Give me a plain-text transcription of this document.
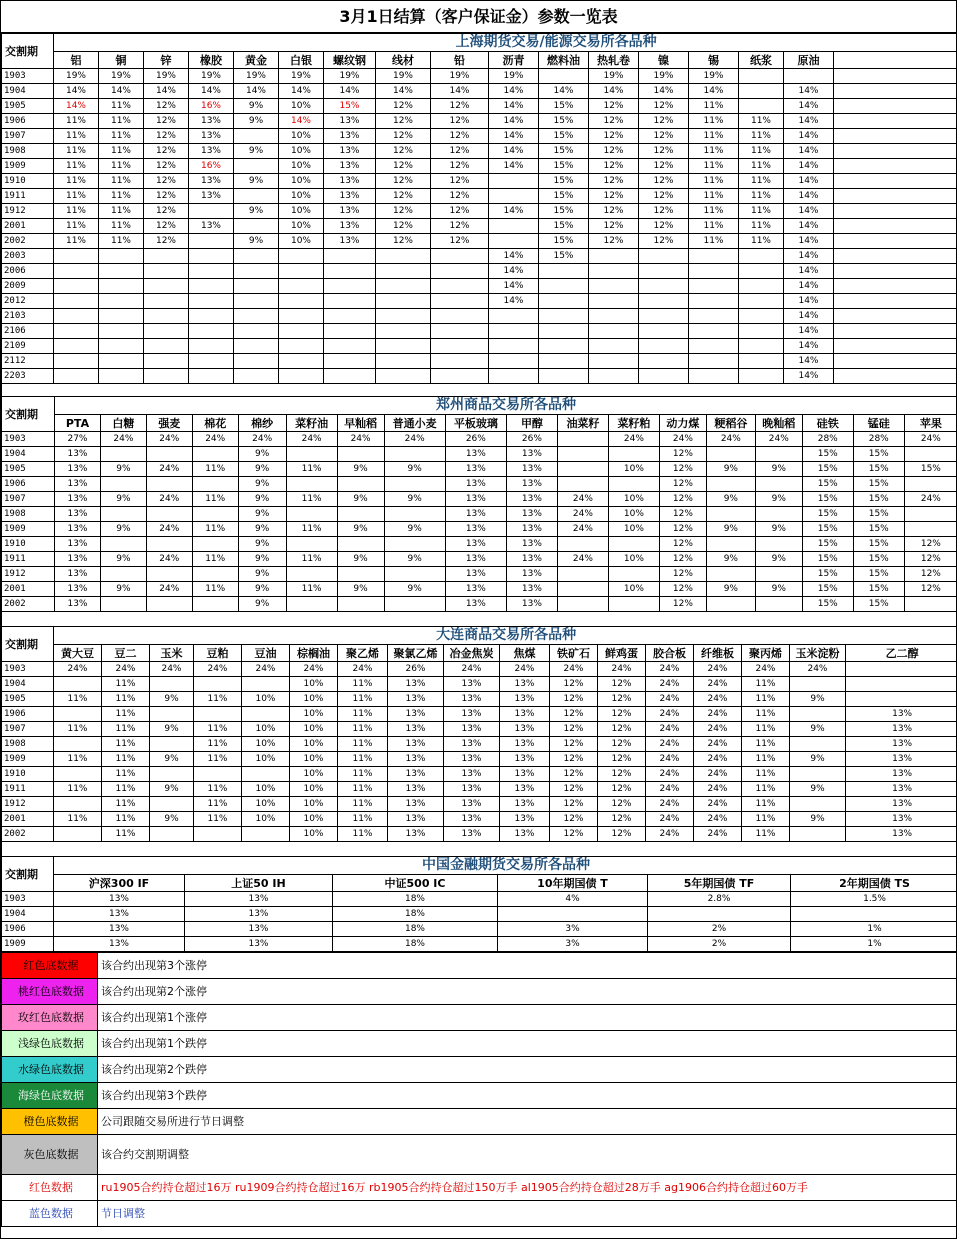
3月1日结算（客户保证金）参数一览表
交割期	上海期货交易/能源交易所各品种																
	铝	铜	锌	橡胶	黄金	白银	螺纹钢	线材	铅	沥青	燃料油	热轧卷	镍	锡	纸浆	原油	
1903	19%	19%	19%	19%	19%	19%	19%	19%	19%	19%		19%	19%	19%			
1904	14%	14%	14%	14%	14%	14%	14%	14%	14%	14%	14%	14%	14%	14%		14%	
1905	14%	11%	12%	16%	9%	10%	15%	12%	12%	14%	15%	12%	12%	11%		14%	
1906	11%	11%	12%	13%	9%	14%	13%	12%	12%	14%	15%	12%	12%	11%	11%	14%	
1907	11%	11%	12%	13%		10%	13%	12%	12%	14%	15%	12%	12%	11%	11%	14%	
1908	11%	11%	12%	13%	9%	10%	13%	12%	12%	14%	15%	12%	12%	11%	11%	14%	
1909	11%	11%	12%	16%		10%	13%	12%	12%	14%	15%	12%	12%	11%	11%	14%	
1910	11%	11%	12%	13%	9%	10%	13%	12%	12%		15%	12%	12%	11%	11%	14%	
1911	11%	11%	12%	13%		10%	13%	12%	12%		15%	12%	12%	11%	11%	14%	
1912	11%	11%	12%		9%	10%	13%	12%	12%	14%	15%	12%	12%	11%	11%	14%	
2001	11%	11%	12%	13%		10%	13%	12%	12%		15%	12%	12%	11%	11%	14%	
2002	11%	11%	12%		9%	10%	13%	12%	12%		15%	12%	12%	11%	11%	14%	
2003										14%	15%					14%	
2006										14%						14%	
2009										14%						14%	
2012										14%						14%	
2103																14%	
2106																14%	
2109																14%	
2112																14%	
2203																14%	
交割期	郑州商品交易所各品种																	
	PTA	白糖	强麦	棉花	棉纱	菜籽油	早籼稻	普通小麦	平板玻璃	甲醇	油菜籽	菜籽粕	动力煤	粳稻谷	晚籼稻	硅铁	锰硅	苹果
1903	27%	24%	24%	24%	24%	24%	24%	24%	26%	26%		24%	24%	24%	24%	28%	28%	24%
1904	13%				9%				13%	13%			12%			15%	15%	
1905	13%	9%	24%	11%	9%	11%	9%	9%	13%	13%		10%	12%	9%	9%	15%	15%	15%
1906	13%				9%				13%	13%			12%			15%	15%	
1907	13%	9%	24%	11%	9%	11%	9%	9%	13%	13%	24%	10%	12%	9%	9%	15%	15%	24%
1908	13%				9%				13%	13%	24%	10%	12%			15%	15%	
1909	13%	9%	24%	11%	9%	11%	9%	9%	13%	13%	24%	10%	12%	9%	9%	15%	15%	
1910	13%				9%				13%	13%			12%			15%	15%	12%
1911	13%	9%	24%	11%	9%	11%	9%	9%	13%	13%	24%	10%	12%	9%	9%	15%	15%	12%
1912	13%				9%				13%	13%			12%			15%	15%	12%
2001	13%	9%	24%	11%	9%	11%	9%	9%	13%	13%		10%	12%	9%	9%	15%	15%	12%
2002	13%				9%				13%	13%			12%			15%	15%	
交割期	大连商品交易所各品种																
	黄大豆	豆二	玉米	豆粕	豆油	棕榈油	聚乙烯	聚氯乙烯	冶金焦炭	焦煤	铁矿石	鲜鸡蛋	胶合板	纤维板	聚丙烯	玉米淀粉	乙二醇
1903	24%	24%	24%	24%	24%	24%	24%	26%	24%	24%	24%	24%	24%	24%	24%	24%	
1904		11%				10%	11%	13%	13%	13%	12%	12%	24%	24%	11%		
1905	11%	11%	9%	11%	10%	10%	11%	13%	13%	13%	12%	12%	24%	24%	11%	9%	
1906		11%				10%	11%	13%	13%	13%	12%	12%	24%	24%	11%		13%
1907	11%	11%	9%	11%	10%	10%	11%	13%	13%	13%	12%	12%	24%	24%	11%	9%	13%
1908		11%		11%	10%	10%	11%	13%	13%	13%	12%	12%	24%	24%	11%		13%
1909	11%	11%	9%	11%	10%	10%	11%	13%	13%	13%	12%	12%	24%	24%	11%	9%	13%
1910		11%				10%	11%	13%	13%	13%	12%	12%	24%	24%	11%		13%
1911	11%	11%	9%	11%	10%	10%	11%	13%	13%	13%	12%	12%	24%	24%	11%	9%	13%
1912		11%		11%	10%	10%	11%	13%	13%	13%	12%	12%	24%	24%	11%		13%
2001	11%	11%	9%	11%	10%	10%	11%	13%	13%	13%	12%	12%	24%	24%	11%	9%	13%
2002		11%				10%	11%	13%	13%	13%	12%	12%	24%	24%	11%		13%
交割期	中国金融期货交易所各品种					
	沪深300 IF	上证50 IH	中证500 IC	10年期国债 T	5年期国债 TF	2年期国债 TS
1903	13%	13%	18%	4%	2.8%	1.5%
1904	13%	13%	18%			
1906	13%	13%	18%	3%	2%	1%
1909	13%	13%	18%	3%	2%	1%
红色底数据	该合约出现第3个涨停
桃红色底数据	该合约出现第2个涨停
玫红色底数据	该合约出现第1个涨停
浅绿色底数据	该合约出现第1个跌停
水绿色底数据	该合约出现第2个跌停
海绿色底数据	该合约出现第3个跌停
橙色底数据	公司跟随交易所进行节日调整
灰色底数据	该合约交割期调整
红色数据	ru1905合约持仓超过16万 ru1909合约持仓超过16万 rb1905合约持仓超过150万手 al1905合约持仓超过28万手 ag1906合约持仓超过60万手
蓝色数据	节日调整
